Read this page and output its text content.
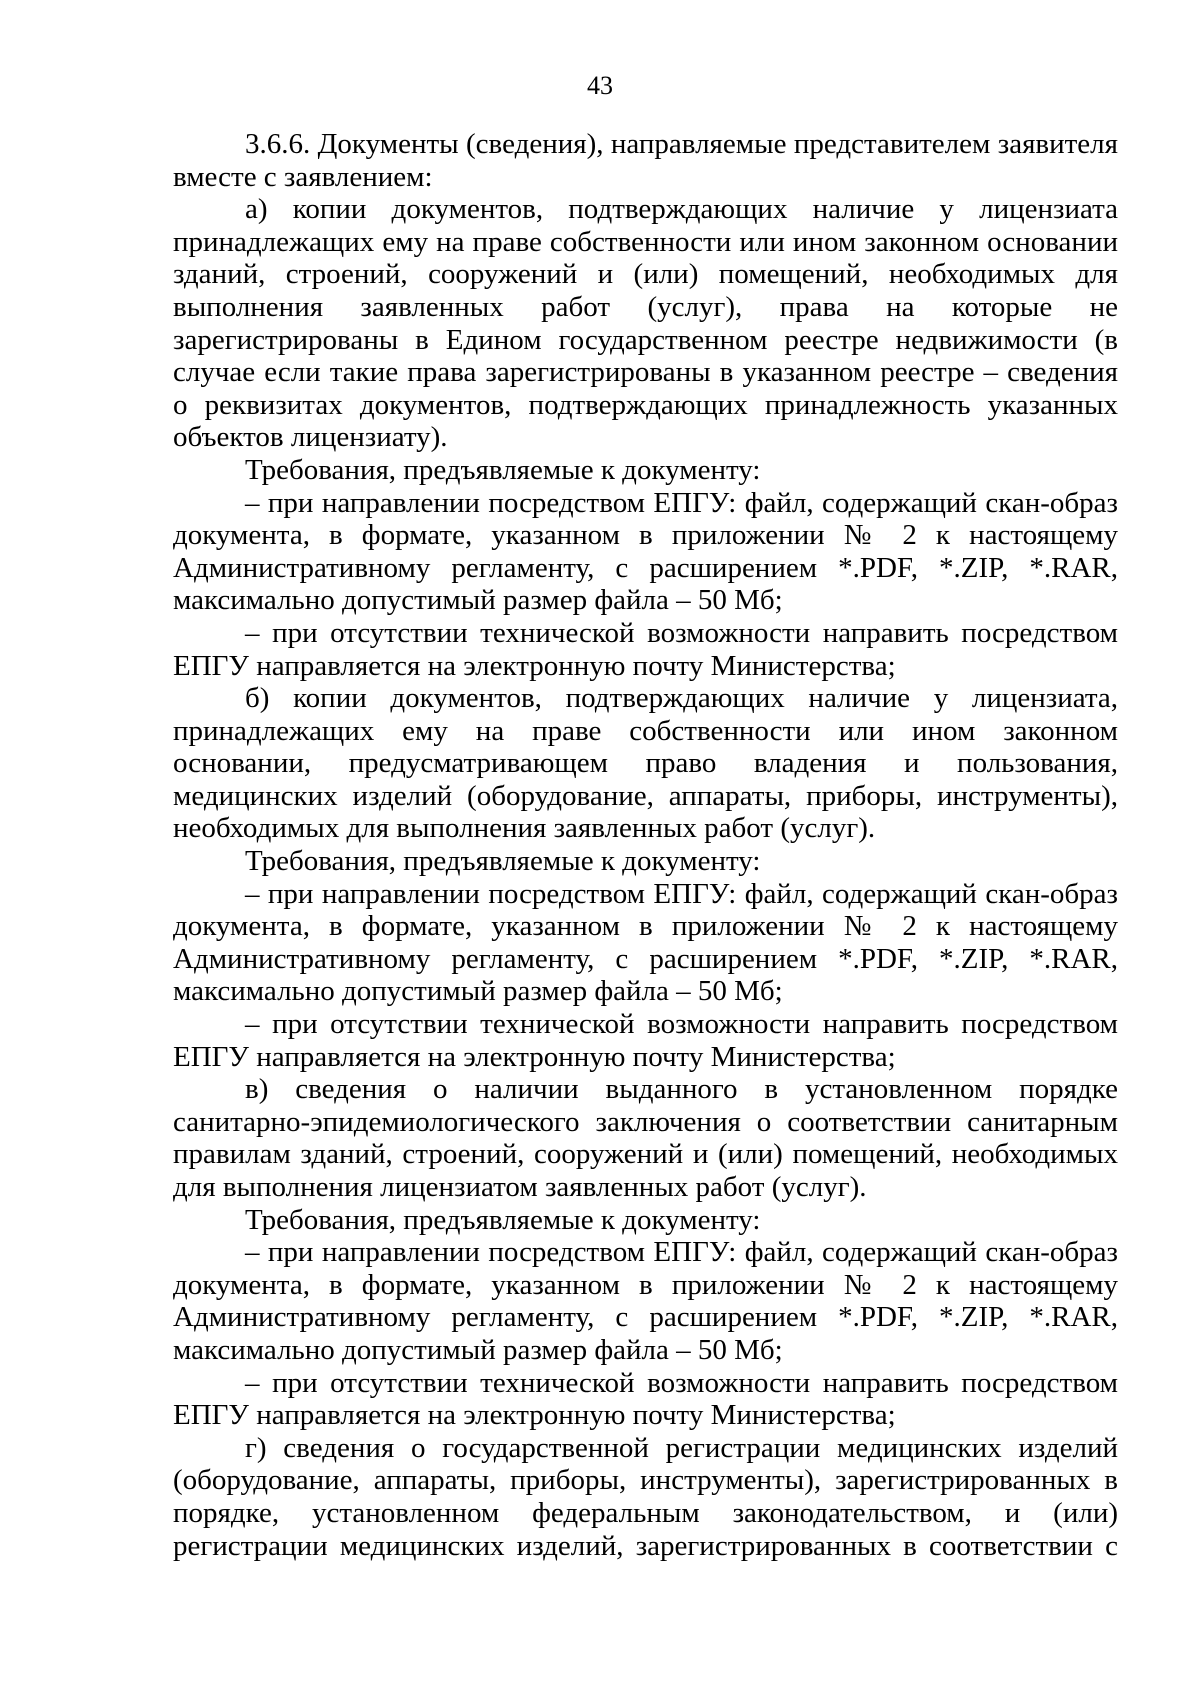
43

3.6.6. Документы (сведения), направляемые представителем заявителя вместе с заявлением:

а) копии документов, подтверждающих наличие у лицензиата принадлежащих ему на праве собственности или ином законном основании зданий, строений, сооружений и (или) помещений, необходимых для выполнения заявленных работ (услуг), права на которые не зарегистрированы в Едином государственном реестре недвижимости (в случае если такие права зарегистрированы в указанном реестре – сведения о реквизитах документов, подтверждающих принадлежность указанных объектов лицензиату).

Требования, предъявляемые к документу:

– при направлении посредством ЕПГУ: файл, содержащий скан-образ документа, в формате, указанном в приложении № 2 к настоящему Административному регламенту, с расширением *.PDF, *.ZIP, *.RAR, максимально допустимый размер файла – 50 Мб;

– при отсутствии технической возможности направить посредством ЕПГУ направляется на электронную почту Министерства;

б) копии документов, подтверждающих наличие у лицензиата, принадлежащих ему на праве собственности или ином законном основании, предусматривающем право владения и пользования, медицинских изделий (оборудование, аппараты, приборы, инструменты), необходимых для выполнения заявленных работ (услуг).

Требования, предъявляемые к документу:

– при направлении посредством ЕПГУ: файл, содержащий скан-образ документа, в формате, указанном в приложении № 2 к настоящему Административному регламенту, с расширением *.PDF, *.ZIP, *.RAR, максимально допустимый размер файла – 50 Мб;

– при отсутствии технической возможности направить посредством ЕПГУ направляется на электронную почту Министерства;

в) сведения о наличии выданного в установленном порядке санитарно-эпидемиологического заключения о соответствии санитарным правилам зданий, строений, сооружений и (или) помещений, необходимых для выполнения лицензиатом заявленных работ (услуг).

Требования, предъявляемые к документу:

– при направлении посредством ЕПГУ: файл, содержащий скан-образ документа, в формате, указанном в приложении № 2 к настоящему Административному регламенту, с расширением *.PDF, *.ZIP, *.RAR, максимально допустимый размер файла – 50 Мб;

– при отсутствии технической возможности направить посредством ЕПГУ направляется на электронную почту Министерства;

г) сведения о государственной регистрации медицинских изделий (оборудование, аппараты, приборы, инструменты), зарегистрированных в порядке, установленном федеральным законодательством, и (или) регистрации медицинских изделий, зарегистрированных в соответствии с
